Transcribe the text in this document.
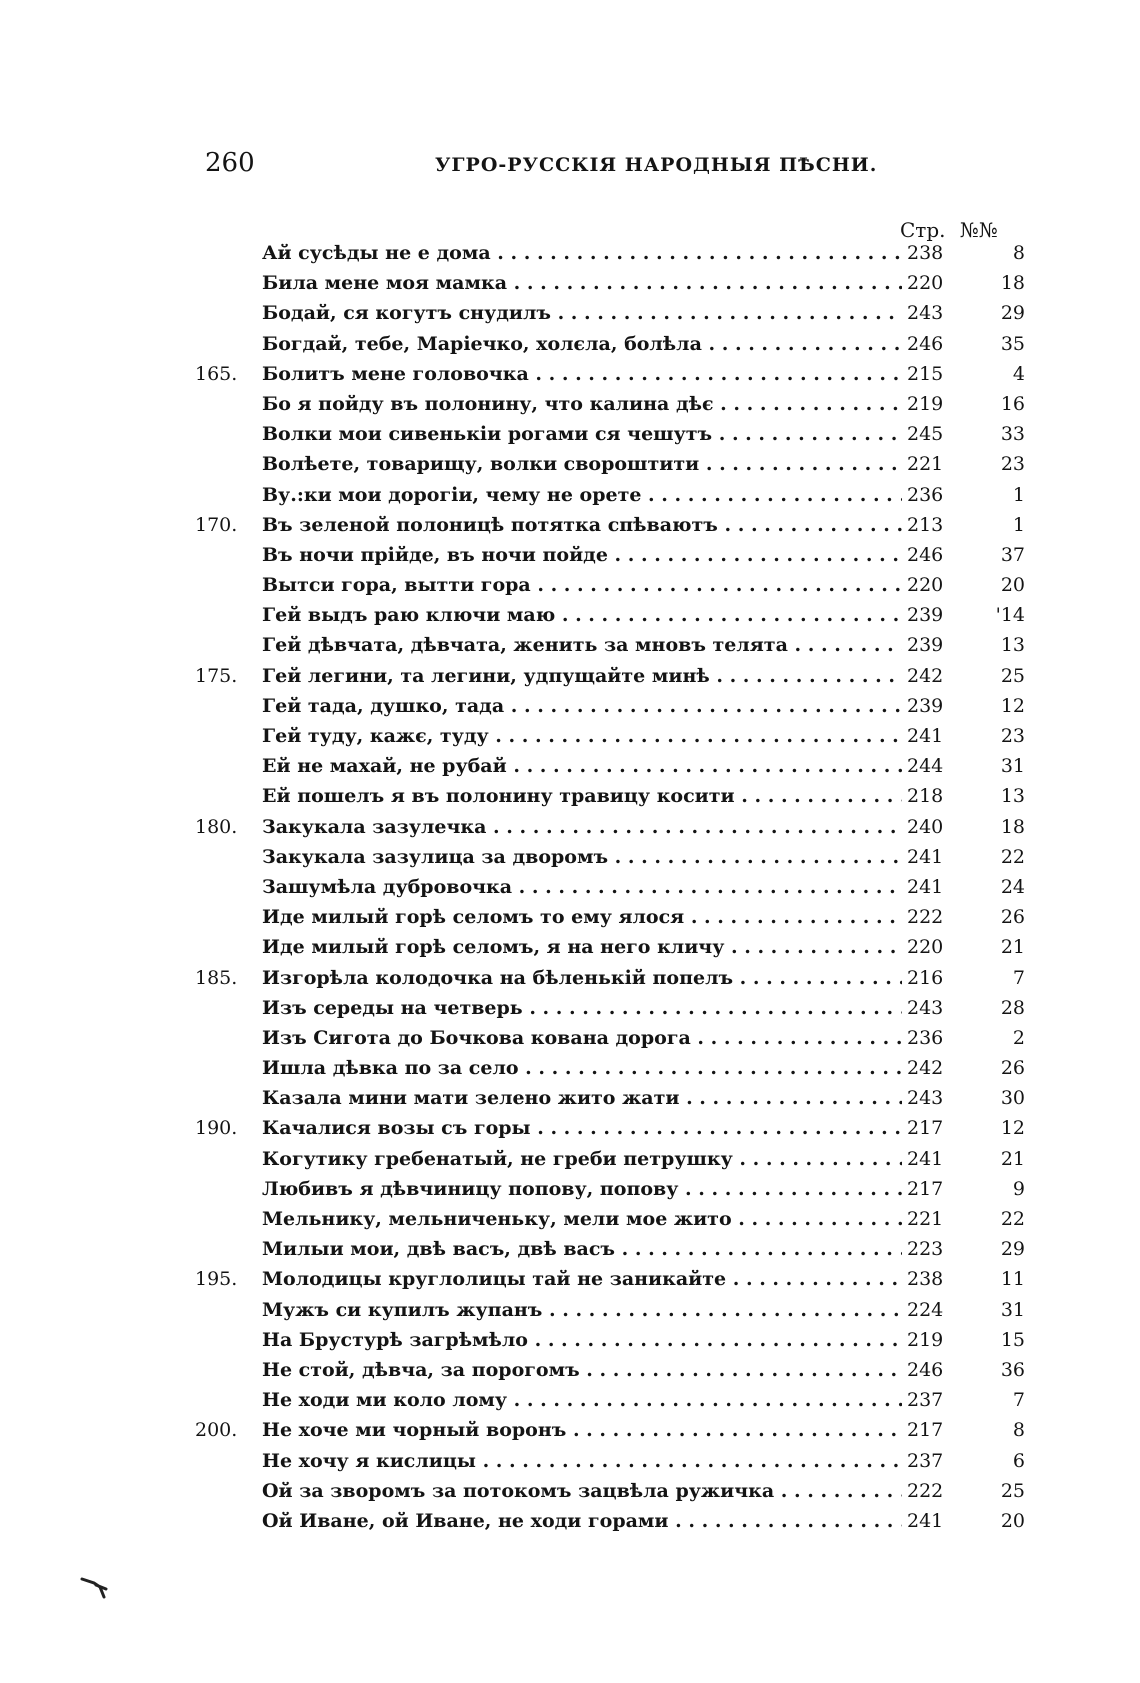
260	УГРО-РУССКІЯ НАРОДНЫЯ ПѢСНИ.
Стр. №№
Ай сусѣды не е дома . . .	238	8
Била мене моя мамка . . .	220	18
Бодай, ся когутъ снудилъ . . .	243	29
Богдай, тебе, Маріечко, холєла, болѣла . . .	246	35
165.	Болитъ мене головочка . . .	215	4
Бо я пойду въ полонину, что калина дѣє . . .	219	16
Волки мои сивенькіи рогами ся чешутъ . . .	245	33
Волѣете, товарищу, волки свороштити . . .	221	23
Ву.:ки мои дорогіи, чему не орете . . .	236	1
170.	Въ зеленой полоницѣ потятка спѣваютъ . . .	213	1
Въ ночи прійде, въ ночи пойде . . .	246	37
Вытси гора, вытти гора . . .	220	20
Гей выдъ раю ключи маю . . .	239	'14
Гей дѣвчата, дѣвчата, женить за мновъ телята . . .	239	13
175.	Гей легини, та легини, удпущайте минѣ . . .	242	25
Гей тада, душко, тада . . .	239	12
Гей туду, кажє, туду . . .	241	23
Ей не махай, не рубай . . .	244	31
Ей пошелъ я въ полонину травицу косити . . .	218	13
180.	Закукала зазулечка . . .	240	18
Закукала зазулица за дворомъ . . .	241	22
Зашумѣла дубровочка . . .	241	24
Иде милый горѣ селомъ то ему ялося . . .	222	26
Иде милый горѣ селомъ, я на него кличу . . .	220	21
185.	Изгорѣла колодочка на бѣленькій попелъ . . .	216	7
Изъ середы на четверь . . .	243	28
Изъ Сигота до Бочкова кована дорога . . .	236	2
Ишла дѣвка по за село . . .	242	26
Казала мини мати зелено жито жати . . .	243	30
190.	Качалися возы съ горы . . .	217	12
Когутику гребенатый, не греби петрушку . . .	241	21
Любивъ я дѣвчиницу попову, попову . . .	217	9
Мельнику, мельниченьку, мели мое жито . . .	221	22
Милыи мои, двѣ васъ, двѣ васъ . . .	223	29
195.	Молодицы круглолицы тай не заникайте . . .	238	11
Мужъ си купилъ жупанъ . . .	224	31
На Брустурѣ загрѣмѣло . . .	219	15
Не стой, дѣвча, за порогомъ . . .	246	36
Не ходи ми коло лому . . .	237	7
200.	Не хоче ми чорный воронъ . . .	217	8
Не хочу я кислицы . . .	237	6
Ой за зворомъ за потокомъ зацвѣла ружичка . . .	222	25
Ой Иване, ой Иване, не ходи горами . . .	241	20
